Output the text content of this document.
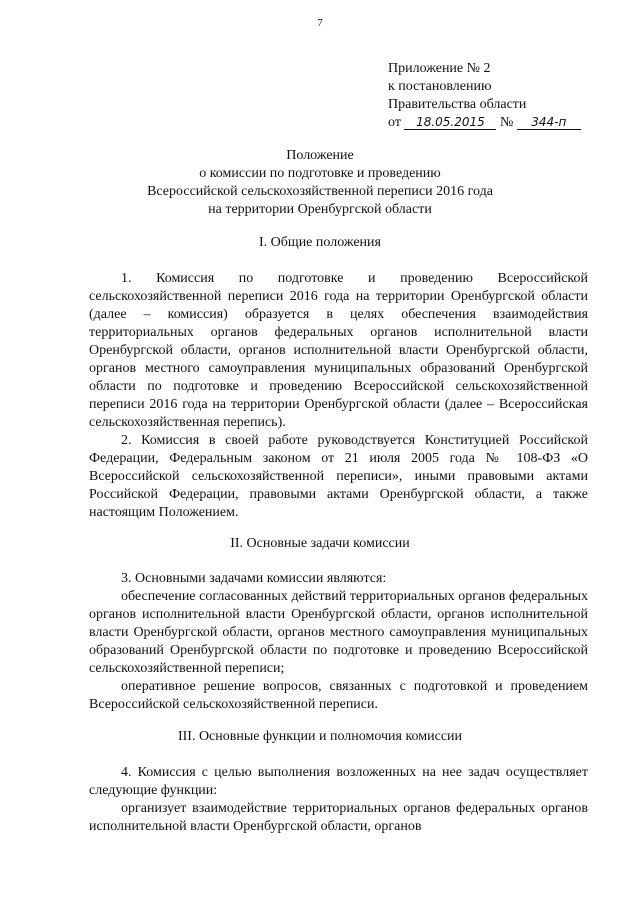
7
Приложение № 2
к постановлению
Правительства области
от 18.05.2015 № 344-п
Положение
о комиссии по подготовке и проведению
Всероссийской сельскохозяйственной переписи 2016 года
на территории Оренбургской области
I. Общие положения

1. Комиссия по подготовке и проведению Всероссийской сельскохозяйственной переписи 2016 года на территории Оренбургской области (далее – комиссия) образуется в целях обеспечения взаимодействия территориальных органов федеральных органов исполнительной власти Оренбургской области, органов исполнительной власти Оренбургской области, органов местного самоуправления муниципальных образований Оренбургской области по подготовке и проведению Всероссийской сельскохозяйственной переписи 2016 года на территории Оренбургской области (далее – Всероссийская сельскохозяйственная перепись).

2. Комиссия в своей работе руководствуется Конституцией Российской Федерации, Федеральным законом от 21 июля 2005 года № 108-ФЗ «О Всероссийской сельскохозяйственной переписи», иными правовыми актами Российской Федерации, правовыми актами Оренбургской области, а также настоящим Положением.

II. Основные задачи комиссии

3. Основными задачами комиссии являются:

обеспечение согласованных действий территориальных органов федеральных органов исполнительной власти Оренбургской области, органов исполнительной власти Оренбургской области, органов местного самоуправления муниципальных образований Оренбургской области по подготовке и проведению Всероссийской сельскохозяйственной переписи;

оперативное решение вопросов, связанных с подготовкой и проведением Всероссийской сельскохозяйственной переписи.

III. Основные функции и полномочия комиссии

4. Комиссия с целью выполнения возложенных на нее задач осуществляет следующие функции:

организует взаимодействие территориальных органов федеральных органов исполнительной власти Оренбургской области, органов
